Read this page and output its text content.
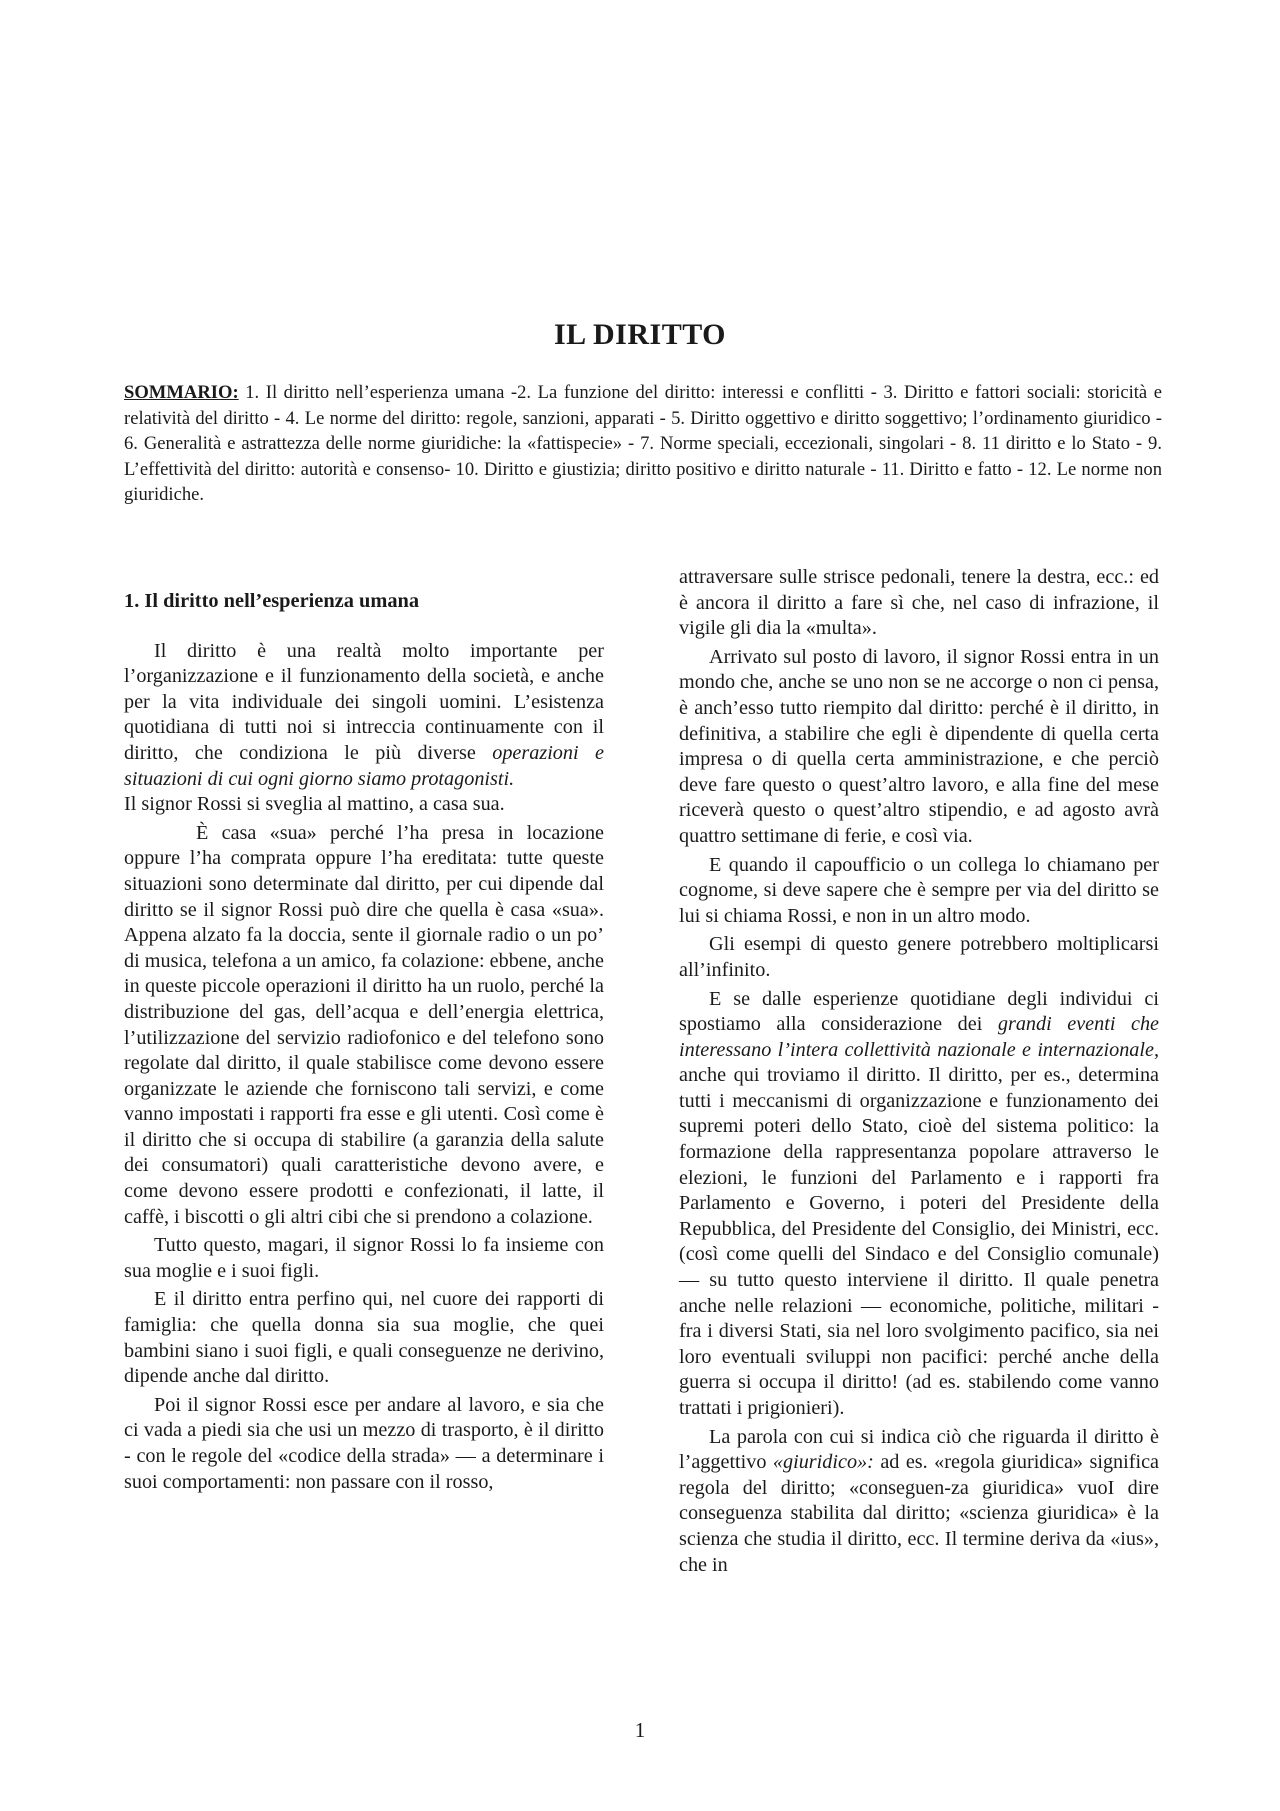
IL DIRITTO

SOMMARIO: 1. Il diritto nell’esperienza umana -2. La funzione del diritto: interessi e conflitti - 3. Diritto e fattori sociali: storicità e relatività del diritto - 4. Le norme del diritto: regole, sanzioni, apparati - 5. Diritto oggettivo e diritto soggettivo; l’ordinamento giuridico - 6. Generalità e astrattezza delle norme giuridiche: la «fattispecie» - 7. Norme speciali, eccezionali, singolari - 8. 11 diritto e lo Stato - 9. L’effettività del diritto: autorità e consenso- 10. Diritto e giustizia; diritto positivo e diritto naturale - 11. Diritto e fatto - 12. Le norme non giuridiche.

1. Il diritto nell’esperienza umana

Il diritto è una realtà molto importante per l’organizzazione e il funzionamento della società, e anche per la vita individuale dei singoli uomini. L’esistenza quotidiana di tutti noi si intreccia continuamente con il diritto, che condiziona le più diverse operazioni e situazioni di cui ogni giorno siamo protagonisti.

Il signor Rossi si sveglia al mattino, a casa sua.

È casa «sua» perché l’ha presa in locazione oppure l’ha comprata oppure l’ha ereditata: tutte queste situazioni sono determinate dal diritto, per cui dipende dal diritto se il signor Rossi può dire che quella è casa «sua». Appena alzato fa la doccia, sente il giornale radio o un po’ di musica, telefona a un amico, fa colazione: ebbene, anche in queste piccole operazioni il diritto ha un ruolo, perché la distribuzione del gas, dell’acqua e dell’energia elettrica, l’utilizzazione del servizio radiofonico e del telefono sono regolate dal diritto, il quale stabilisce come devono essere organizzate le aziende che forniscono tali servizi, e come vanno impostati i rapporti fra esse e gli utenti. Così come è il diritto che si occupa di stabilire (a garanzia della salute dei consumatori) quali caratteristiche devono avere, e come devono essere prodotti e confezionati, il latte, il caffè, i biscotti o gli altri cibi che si prendono a colazione.

Tutto questo, magari, il signor Rossi lo fa insieme con sua moglie e i suoi figli.

E il diritto entra perfino qui, nel cuore dei rapporti di famiglia: che quella donna sia sua moglie, che quei bambini siano i suoi figli, e quali conseguenze ne derivino, dipende anche dal diritto.

Poi il signor Rossi esce per andare al lavoro, e sia che ci vada a piedi sia che usi un mezzo di trasporto, è il diritto - con le regole del «codice della strada» — a determinare i suoi comportamenti: non passare con il rosso,

attraversare sulle strisce pedonali, tenere la destra, ecc.: ed è ancora il diritto a fare sì che, nel caso di infrazione, il vigile gli dia la «multa».

Arrivato sul posto di lavoro, il signor Rossi entra in un mondo che, anche se uno non se ne accorge o non ci pensa, è anch’esso tutto riempito dal diritto: perché è il diritto, in definitiva, a stabilire che egli è dipendente di quella certa impresa o di quella certa amministrazione, e che perciò deve fare questo o quest’altro lavoro, e alla fine del mese riceverà questo o quest’altro stipendio, e ad agosto avrà quattro settimane di ferie, e così via.

E quando il capoufficio o un collega lo chiamano per cognome, si deve sapere che è sempre per via del diritto se lui si chiama Rossi, e non in un altro modo.

Gli esempi di questo genere potrebbero moltiplicarsi all’infinito.

E se dalle esperienze quotidiane degli individui ci spostiamo alla considerazione dei grandi eventi che interessano l’intera collettività nazionale e internazionale, anche qui troviamo il diritto. Il diritto, per es., determina tutti i meccanismi di organizzazione e funzionamento dei supremi poteri dello Stato, cioè del sistema politico: la formazione della rappresentanza popolare attraverso le elezioni, le funzioni del Parlamento e i rapporti fra Parlamento e Governo, i poteri del Presidente della Repubblica, del Presidente del Consiglio, dei Ministri, ecc. (così come quelli del Sindaco e del Consiglio comunale) — su tutto questo interviene il diritto. Il quale penetra anche nelle relazioni — economiche, politiche, militari - fra i diversi Stati, sia nel loro svolgimento pacifico, sia nei loro eventuali sviluppi non pacifici: perché anche della guerra si occupa il diritto! (ad es. stabilendo come vanno trattati i prigionieri).

La parola con cui si indica ciò che riguarda il diritto è l’aggettivo «giuridico»: ad es. «regola giuridica» significa regola del diritto; «conseguen-za giuridica» vuoI dire conseguenza stabilita dal diritto; «scienza giuridica» è la scienza che studia il diritto, ecc. Il termine deriva da «ius», che in

1
